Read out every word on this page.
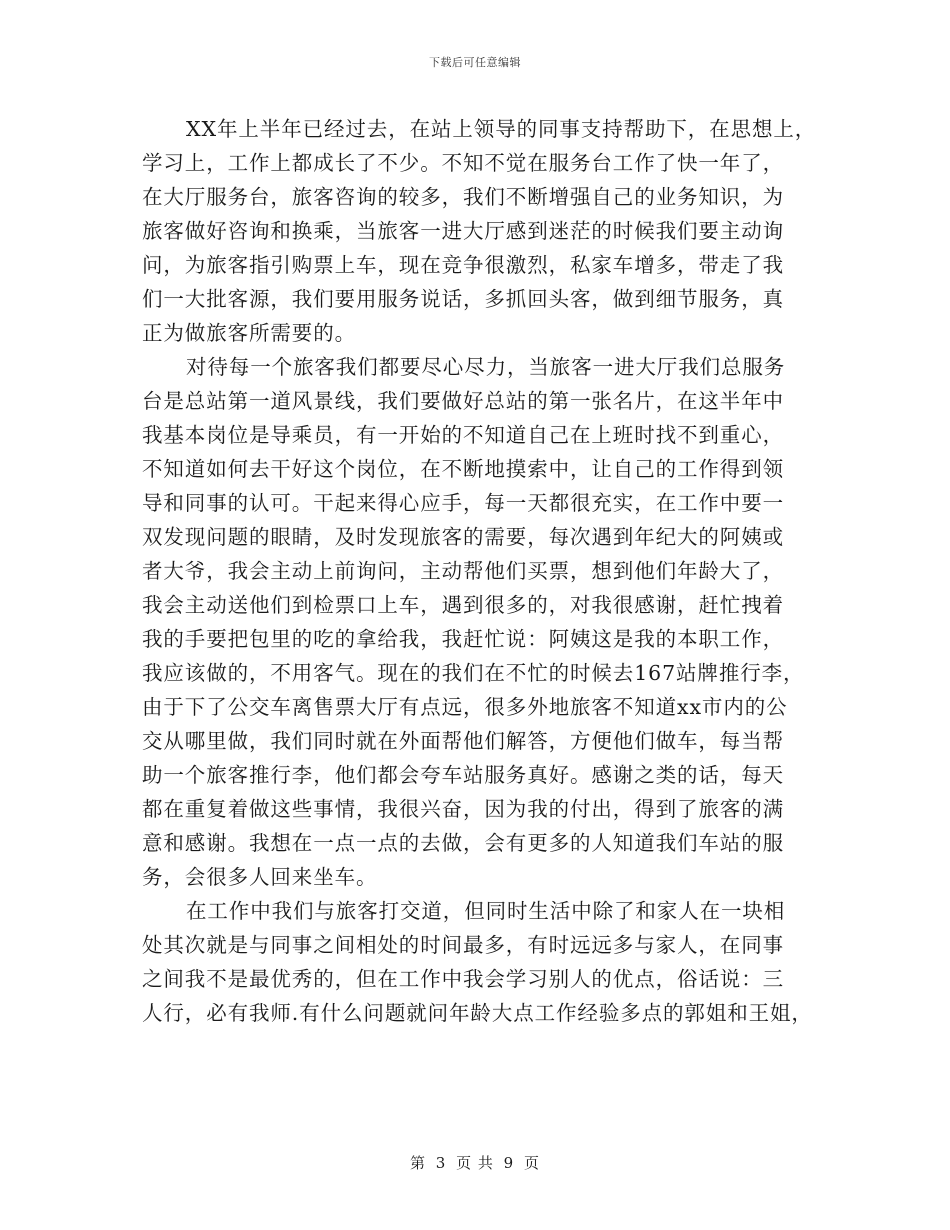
下载后可任意编辑
XX年上半年已经过去，在站上领导的同事支持帮助下，在思想上，
学习上，工作上都成长了不少。不知不觉在服务台工作了快一年了，
在大厅服务台，旅客咨询的较多，我们不断增强自己的业务知识，为
旅客做好咨询和换乘，当旅客一进大厅感到迷茫的时候我们要主动询
问，为旅客指引购票上车，现在竞争很激烈，私家车增多，带走了我
们一大批客源，我们要用服务说话，多抓回头客，做到细节服务，真
正为做旅客所需要的。
对待每一个旅客我们都要尽心尽力，当旅客一进大厅我们总服务
台是总站第一道风景线，我们要做好总站的第一张名片，在这半年中
我基本岗位是导乘员，有一开始的不知道自己在上班时找不到重心，
不知道如何去干好这个岗位，在不断地摸索中，让自己的工作得到领
导和同事的认可。干起来得心应手，每一天都很充实，在工作中要一
双发现问题的眼睛，及时发现旅客的需要，每次遇到年纪大的阿姨或
者大爷，我会主动上前询问，主动帮他们买票，想到他们年龄大了，
我会主动送他们到检票口上车，遇到很多的，对我很感谢，赶忙拽着
我的手要把包里的吃的拿给我，我赶忙说：阿姨这是我的本职工作，
我应该做的，不用客气。现在的我们在不忙的时候去167站牌推行李，
由于下了公交车离售票大厅有点远，很多外地旅客不知道xx市内的公
交从哪里做，我们同时就在外面帮他们解答，方便他们做车，每当帮
助一个旅客推行李，他们都会夸车站服务真好。感谢之类的话，每天
都在重复着做这些事情，我很兴奋，因为我的付出，得到了旅客的满
意和感谢。我想在一点一点的去做，会有更多的人知道我们车站的服
务，会很多人回来坐车。
在工作中我们与旅客打交道，但同时生活中除了和家人在一块相
处其次就是与同事之间相处的时间最多，有时远远多与家人，在同事
之间我不是最优秀的，但在工作中我会学习别人的优点，俗话说：三
人行，必有我师.有什么问题就问年龄大点工作经验多点的郭姐和王姐，
第 3 页 共 9 页
